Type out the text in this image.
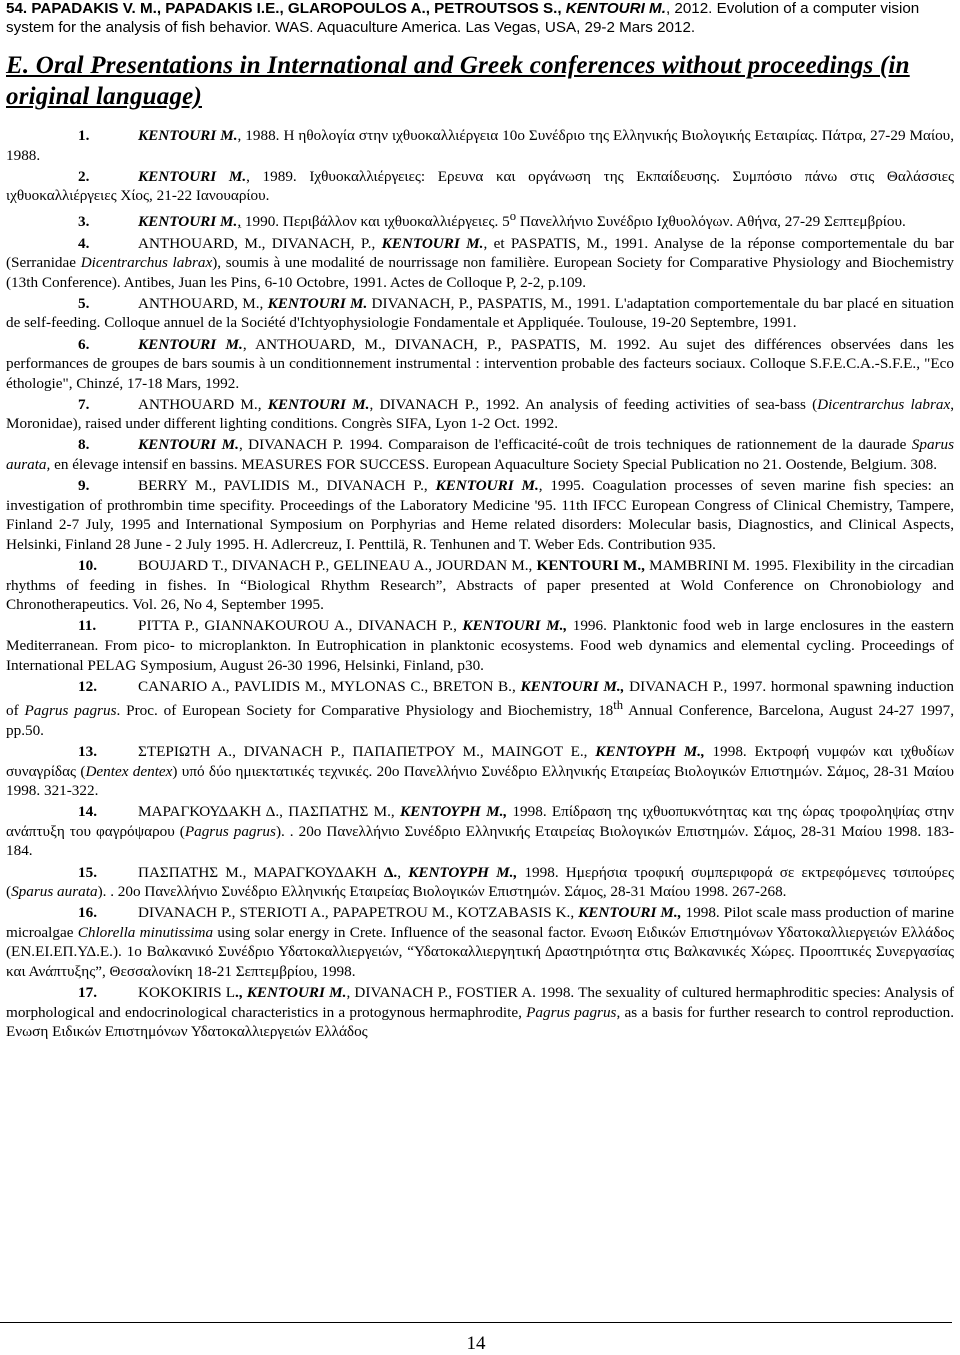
54. PAPADAKIS V. M., PAPADAKIS I.E., GLAROPOULOS A., PETROUTSOS S., KENTOURI M., 2012. Evolution of a computer vision system for the analysis of fish behavior. WAS. Aquaculture America. Las Vegas, USA, 29-2 Mars 2012.

E. Oral Presentations in International and Greek conferences without proceedings (in original language)

1.	KENTOURI M., 1988. Η ηθολογία στην ιχθυοκαλλιέργεια 10ο Συνέδριο της Ελληνικής Βιολογικής Εεταιρίας. Πάτρα, 27-29 Μαίου, 1988.

2.	KENTOURI M., 1989. Ιχθυοκαλλιέργειες: Ερευνα και οργάνωση της Εκπαίδευσης. Συμπόσιο πάνω στις Θαλάσσιες ιχθυοκαλλιέργειες Χίος, 21-22 Ιανουαρίου.

3.	KENTOURI M., 1990. Περιβάλλον και ιχθυοκαλλιέργειες. $5^o$ Πανελλήνιο Συνέδριο Ιχθυολόγων. Αθήνα, 27-29 Σεπτεμβρίου.

4.	ANTHOUARD, M., DIVANACH, P., KENTOURI M., et PASPATIS, M., 1991. Analyse de la réponse comportementale du bar (Serranidae Dicentrarchus labrax), soumis à une modalité de nourrissage non familière. European Society for Comparative Physiology and Biochemistry (13th Conference). Antibes, Juan les Pins, 6-10 Octobre, 1991. Actes de Colloque P, 2-2, p.109.

5.	ANTHOUARD, M., KENTOURI M. DIVANACH, P., PASPATIS, M., 1991. L'adaptation comportementale du bar placé en situation de self-feeding. Colloque annuel de la Société d'Ichtyophysiologie Fondamentale et Appliquée. Toulouse, 19-20 Septembre, 1991.

6.	KENTOURI M., ANTHOUARD, M., DIVANACH, P., PASPATIS, M. 1992. Au sujet des différences observées dans les performances de groupes de bars soumis à un conditionnement instrumental : intervention probable des facteurs sociaux. Colloque S.F.E.C.A.-S.F.E., "Eco éthologie", Chinzé, 17-18 Mars, 1992.

7.	ANTHOUARD M., KENTOURI M., DIVANACH P., 1992. An analysis of feeding activities of sea-bass (Dicentrarchus labrax, Moronidae), raised under different lighting conditions. Congrès SIFA, Lyon 1-2 Oct. 1992.

8.	KENTOURI M., DIVANACH P. 1994. Comparaison de l'efficacité-coût de trois techniques de rationnement de la daurade Sparus aurata, en élevage intensif en bassins. MEASURES FOR SUCCESS. European Aquaculture Society Special Publication no 21. Oostende, Belgium. 308.

9.	BERRY M., PAVLIDIS M., DIVANACH P., KENTOURI M., 1995. Coagulation processes of seven marine fish species: an investigation of prothrombin time specifity. Proceedings of the Laboratory Medicine '95. 11th IFCC European Congress of Clinical Chemistry, Tampere, Finland 2-7 July, 1995 and International Symposium on Porphyrias and Heme related disorders: Molecular basis, Diagnostics, and Clinical Aspects, Helsinki, Finland 28 June - 2 July 1995. H. Adlercreuz, I. Penttilä, R. Tenhunen and T. Weber Eds. Contribution 935.

10.	BOUJARD T., DIVANACH P., GELINEAU A., JOURDAN M., KENTOURI M., MAMBRINI M. 1995. Flexibility in the circadian rhythms of feeding in fishes. In “Biological Rhythm Research”, Abstracts of paper presented at Wold Conference on Chronobiology and Chronotherapeutics. Vol. 26, No 4, September 1995.

11.	PITTA P., GIANNAKOUROU A., DIVANACH P., KENTOURI M., 1996. Planktonic food web in large enclosures in the eastern Mediterranean. From pico- to microplankton. In Eutrophication in planktonic ecosystems. Food web dynamics and elemental cycling. Proceedings of International PELAG Symposium, August 26-30 1996, Helsinki, Finland, p30.

12.	CANARIO A., PAVLIDIS M., MYLONAS C., BRETON B., KENTOURI M., DIVANACH P., 1997. hormonal spawning induction of Pagrus pagrus. Proc. of European Society for Comparative Physiology and Biochemistry, 18th Annual Conference, Barcelona, August 24-27 1997, pp.50.

13.	ΣΤΕΡΙΩΤΗ Α., DIVANACH P., ΠΑΠΑΠΕΤΡΟΥ Μ., MAINGOT E., ΚΕΝΤΟΥΡΗ Μ., 1998. Εκτροφή νυμφών και ιχθυδίων συναγρίδας (Dentex dentex) υπό δύο ημιεκτατικές τεχνικές. 20ο Πανελλήνιο Συνέδριο Ελληνικής Εταιρείας Βιολογικών Επιστημών. Σάμος, 28-31 Μαίου 1998. 321-322.

14.	ΜΑΡΑΓΚΟΥΔΑΚΗ Δ., ΠΑΣΠΑΤΗΣ Μ., ΚΕΝΤΟΥΡΗ Μ., 1998. Επίδραση της ιχθυοπυκνότητας και της ώρας τροφοληψίας στην ανάπτυξη του φαγρόψαρου (Pagrus pagrus). . 20ο Πανελλήνιο Συνέδριο Ελληνικής Εταιρείας Βιολογικών Επιστημών. Σάμος, 28-31 Μαίου 1998. 183-184.

15.	ΠΑΣΠΑΤΗΣ Μ., ΜΑΡΑΓΚΟΥΔΑΚΗ Δ., ΚΕΝΤΟΥΡΗ Μ., 1998. Ημερήσια τροφική συμπεριφορά σε εκτρεφόμενες τσιπούρες (Sparus aurata). . 20ο Πανελλήνιο Συνέδριο Ελληνικής Εταιρείας Βιολογικών Επιστημών. Σάμος, 28-31 Μαίου 1998. 267-268.

16.	DIVANACH P., STERIOTI A., PAPAPETROU M., KOTZABASIS K., KENTOURI M., 1998. Pilot scale mass production of marine microalgae Chlorella minutissima using solar energy in Crete. Influence of the seasonal factor. Ενωση Ειδικών Επιστημόνων Υδατοκαλλιεργειών Ελλάδος (ΕΝ.ΕΙ.ΕΠ.ΥΔ.Ε.). 1ο Βαλκανικό Συνέδριο Υδατοκαλλιεργειών, “Υδατοκαλλιεργητική Δραστηριότητα στις Βαλκανικές Χώρες. Προοπτικές Συνεργασίας και Ανάπτυξης”, Θεσσαλονίκη 18-21 Σεπτεμβρίου, 1998.

17.	KOKOKIRIS L., KENTOURI M., DIVANACH P., FOSTIER A. 1998. The sexuality of cultured hermaphroditic species: Analysis of morphological and endocrinological characteristics in a protogynous hermaphrodite, Pagrus pagrus, as a basis for further research to control reproduction. Ενωση Ειδικών Επιστημόνων Υδατοκαλλιεργειών Ελλάδος

14
